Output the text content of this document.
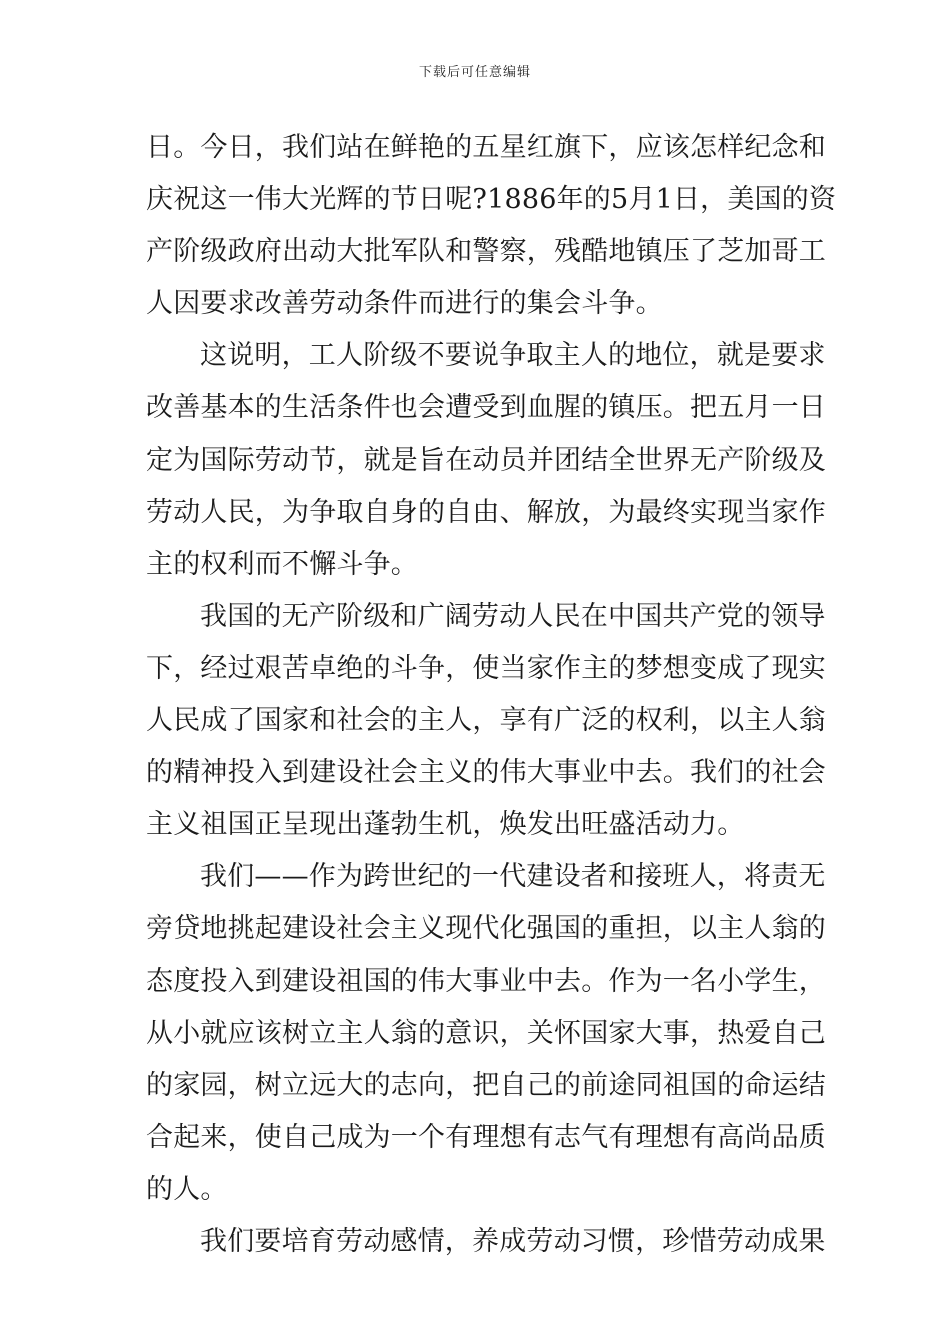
下载后可任意编辑
日。今日，我们站在鲜艳的五星红旗下，应该怎样纪念和
庆祝这一伟大光辉的节日呢?1886年的5月1日，美国的资
产阶级政府出动大批军队和警察，残酷地镇压了芝加哥工
人因要求改善劳动条件而进行的集会斗争。
这说明，工人阶级不要说争取主人的地位，就是要求
改善基本的生活条件也会遭受到血腥的镇压。把五月一日
定为国际劳动节，就是旨在动员并团结全世界无产阶级及
劳动人民，为争取自身的自由、解放，为最终实现当家作
主的权利而不懈斗争。
我国的无产阶级和广阔劳动人民在中国共产党的领导
下，经过艰苦卓绝的斗争，使当家作主的梦想变成了现实
人民成了国家和社会的主人，享有广泛的权利，以主人翁
的精神投入到建设社会主义的伟大事业中去。我们的社会
主义祖国正呈现出蓬勃生机，焕发出旺盛活动力。
我们——作为跨世纪的一代建设者和接班人，将责无
旁贷地挑起建设社会主义现代化强国的重担，以主人翁的
态度投入到建设祖国的伟大事业中去。作为一名小学生，
从小就应该树立主人翁的意识，关怀国家大事，热爱自己
的家园，树立远大的志向，把自己的前途同祖国的命运结
合起来，使自己成为一个有理想有志气有理想有高尚品质
的人。
我们要培育劳动感情，养成劳动习惯，珍惜劳动成果
